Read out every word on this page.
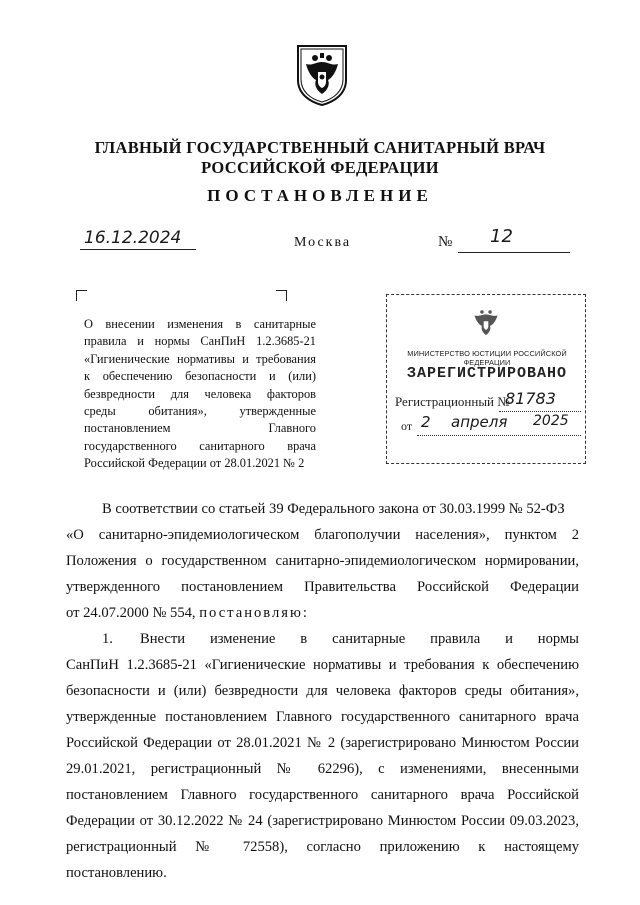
ГЛАВНЫЙ ГОСУДАРСТВЕННЫЙ САНИТАРНЫЙ ВРАЧ
РОССИЙСКОЙ ФЕДЕРАЦИИ
ПОСТАНОВЛЕНИЕ
16.12.2024	Москва	№ 12
О внесении изменения в санитарные
правила и нормы СанПиН 1.2.3685-21
«Гигиенические нормативы и требования
к обеспечению безопасности и (или)
безвредности для человека факторов
среды обитания», утвержденные
постановлением Главного
государственного санитарного врача
Российской Федерации от 28.01.2021 № 2
МИНИСТЕРСТВО ЮСТИЦИИ РОССИЙСКОЙ ФЕДЕРАЦИИ
ЗАРЕГИСТРИРОВАНО
Регистрационный №
81783
от 2 апреля 2025
В соответствии со статьей 39 Федерального закона от 30.03.1999 № 52-ФЗ
«О санитарно-эпидемиологическом благополучии населения», пунктом 2
Положения о государственном санитарно-эпидемиологическом нормировании,
утвержденного постановлением Правительства Российской Федерации
от 24.07.2000 № 554, постановляю:
1. Внести изменение в санитарные правила и нормы
СанПиН 1.2.3685-21 «Гигиенические нормативы и требования к обеспечению
безопасности и (или) безвредности для человека факторов среды обитания»,
утвержденные постановлением Главного государственного санитарного врача
Российской Федерации от 28.01.2021 № 2 (зарегистрировано Минюстом России
29.01.2021, регистрационный № 62296), с изменениями, внесенными
постановлением Главного государственного санитарного врача Российской
Федерации от 30.12.2022 № 24 (зарегистрировано Минюстом России 09.03.2023,
регистрационный № 72558), согласно приложению к настоящему
постановлению.
